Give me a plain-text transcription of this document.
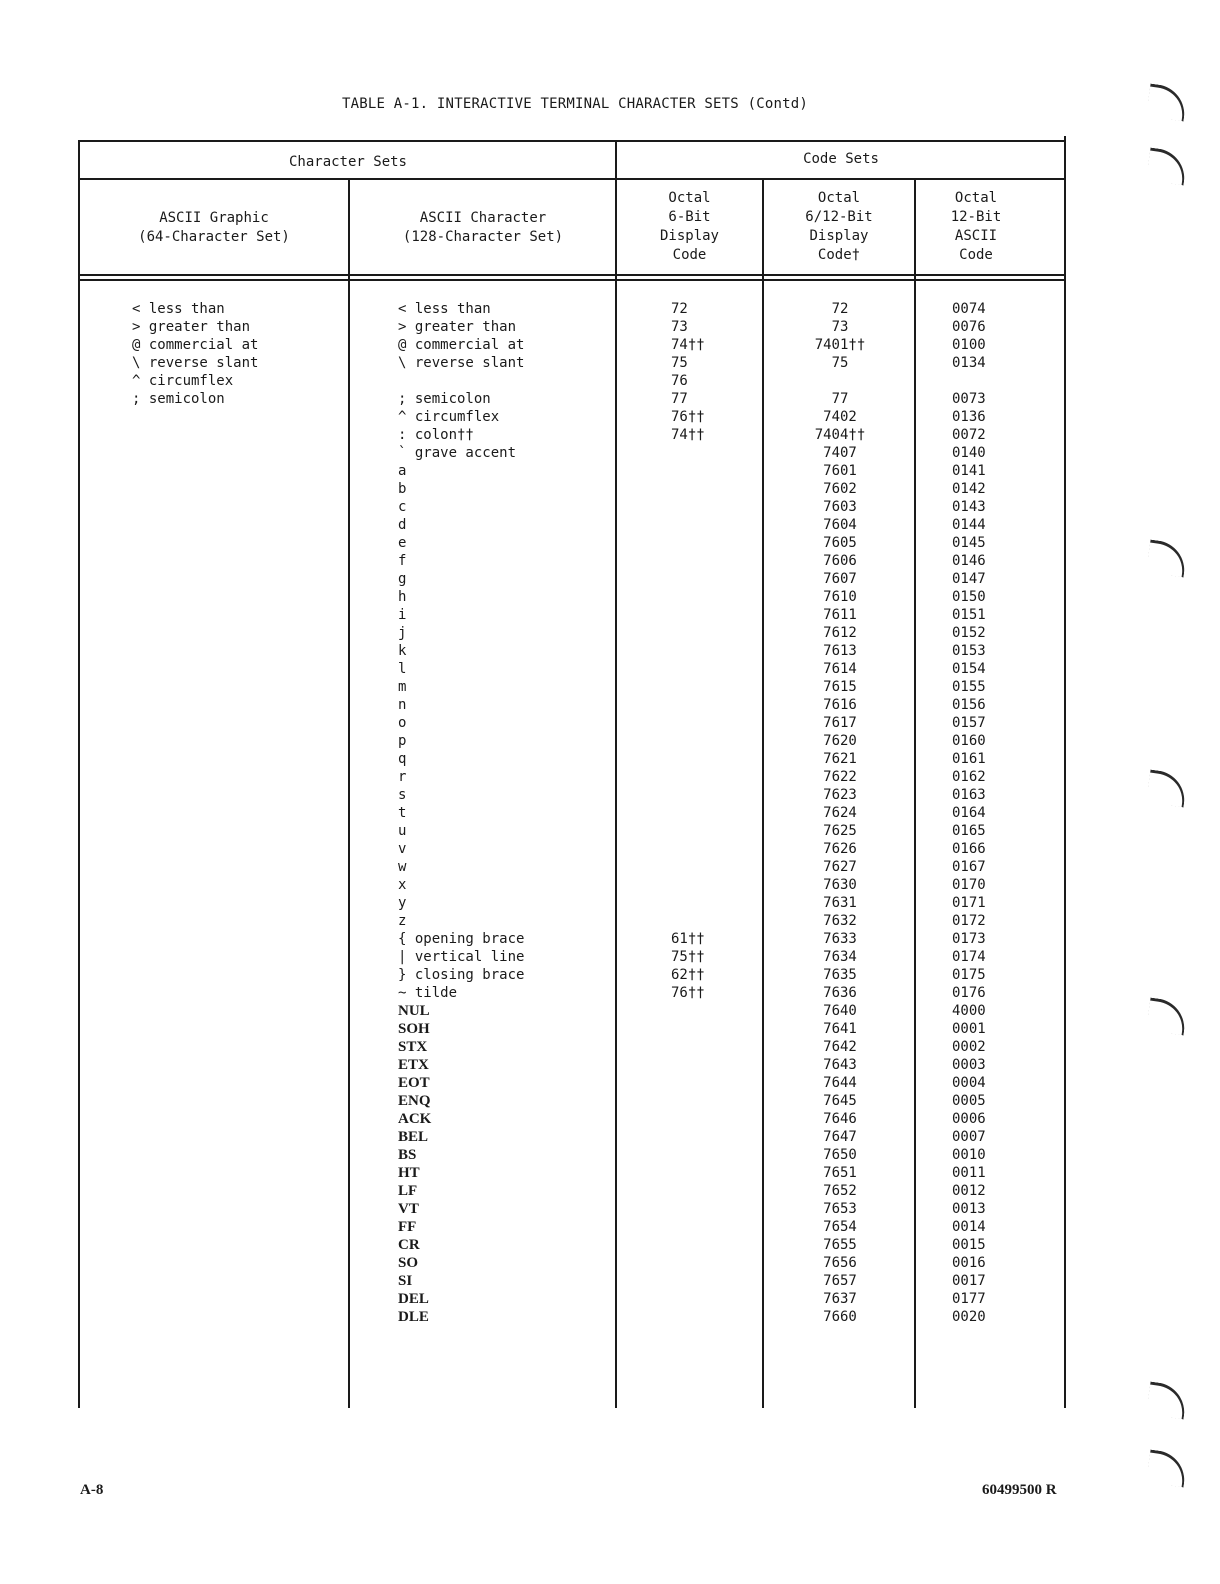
TABLE A-1. INTERACTIVE TERMINAL CHARACTER SETS (Contd)
Character Sets	Code Sets
ASCII Graphic
(64-Character Set)
ASCII Character
(128-Character Set)
Octal
6-Bit
Display
Code
Octal
6/12-Bit
Display
Code†
Octal
12-Bit
ASCII
Code
< less than
> greater than
@ commercial at
\ reverse slant
^ circumflex
; semicolon
< less than
> greater than
@ commercial at
\ reverse slant
; semicolon
^ circumflex
: colon††
` grave accent
a
b
c
d
e
f
g
h
i
j
k
l
m
n
o
p
q
r
s
t
u
v
w
x
y
z
{ opening brace
| vertical line
} closing brace
~ tilde
NUL
SOH
STX
ETX
EOT
ENQ
ACK
BEL
BS
HT
LF
VT
FF
CR
SO
SI
DEL
DLE
72
73
74††
75
76
77
76††
74††
61††
75††
62††
76††
72
73
7401††
75
77
7402
7404††
7407
7601
7602
7603
7604
7605
7606
7607
7610
7611
7612
7613
7614
7615
7616
7617
7620
7621
7622
7623
7624
7625
7626
7627
7630
7631
7632
7633
7634
7635
7636
7640
7641
7642
7643
7644
7645
7646
7647
7650
7651
7652
7653
7654
7655
7656
7657
7637
7660
0074
0076
0100
0134
0073
0136
0072
0140
0141
0142
0143
0144
0145
0146
0147
0150
0151
0152
0153
0154
0155
0156
0157
0160
0161
0162
0163
0164
0165
0166
0167
0170
0171
0172
0173
0174
0175
0176
4000
0001
0002
0003
0004
0005
0006
0007
0010
0011
0012
0013
0014
0015
0016
0017
0177
0020
A-8	60499500 R
